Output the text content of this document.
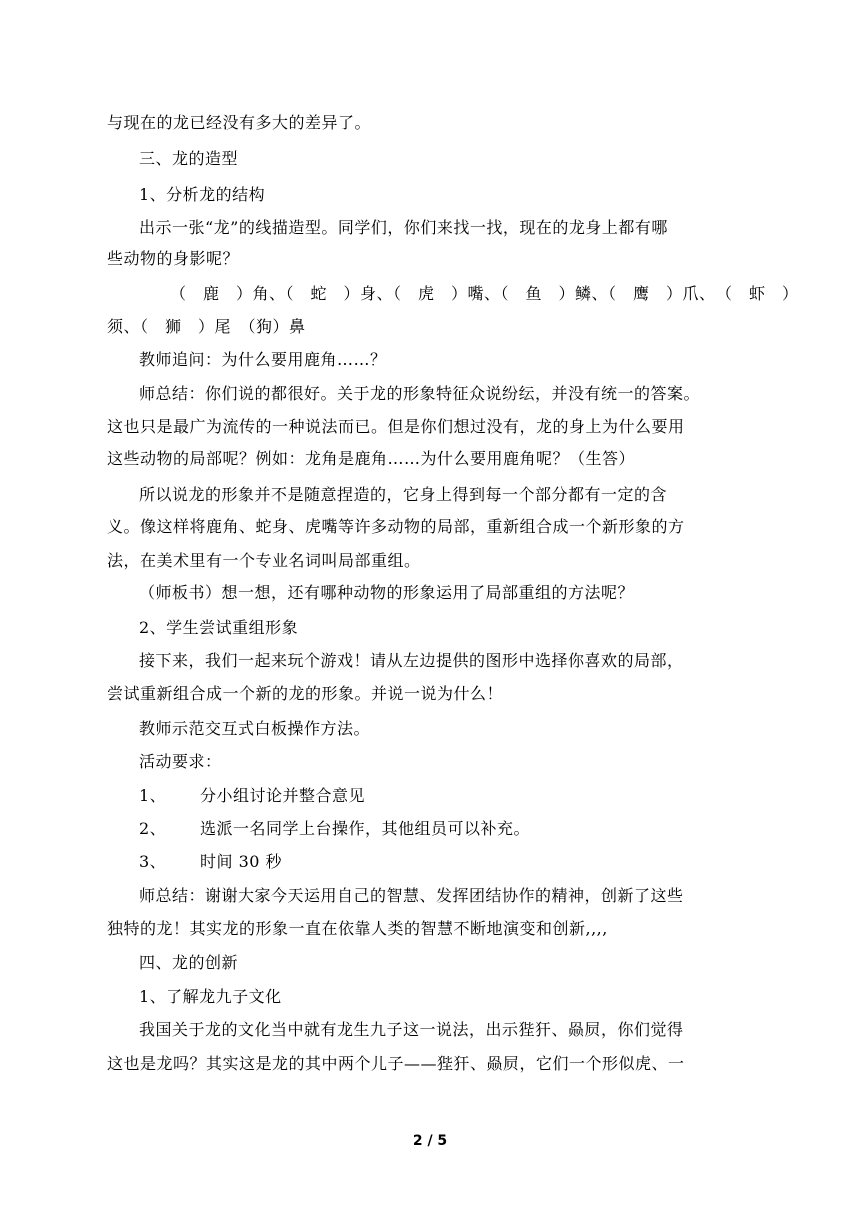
与现在的龙已经没有多大的差异了。
三、龙的造型
1、分析龙的结构
出示一张“龙”的线描造型。同学们，你们来找一找，现在的龙身上都有哪
些动物的身影呢？
（　鹿　）角、（　蛇　）身、（　虎　）嘴、（　鱼　）鳞、（　鹰　）爪、　（　虾　）
须、（　狮　）尾　（狗）鼻
教师追问：为什么要用鹿角……？
师总结：你们说的都很好。关于龙的形象特征众说纷纭，并没有统一的答案。
这也只是最广为流传的一种说法而已。但是你们想过没有，龙的身上为什么要用
这些动物的局部呢？例如：龙角是鹿角……为什么要用鹿角呢？（生答）
所以说龙的形象并不是随意捏造的，它身上得到每一个部分都有一定的含
义。像这样将鹿角、蛇身、虎嘴等许多动物的局部，重新组合成一个新形象的方
法，在美术里有一个专业名词叫局部重组。
（师板书）想一想，还有哪种动物的形象运用了局部重组的方法呢？
2、学生尝试重组形象
接下来，我们一起来玩个游戏！请从左边提供的图形中选择你喜欢的局部，
尝试重新组合成一个新的龙的形象。并说一说为什么！
教师示范交互式白板操作方法。
活动要求：
1、 分小组讨论并整合意见
2、 选派一名同学上台操作，其他组员可以补充。
3、 时间 30 秒
师总结：谢谢大家今天运用自己的智慧、发挥团结协作的精神，创新了这些
独特的龙！其实龙的形象一直在依靠人类的智慧不断地演变和创新,,,,
四、龙的创新
1、了解龙九子文化
我国关于龙的文化当中就有龙生九子这一说法，出示狴犴、赑屃，你们觉得
这也是龙吗？其实这是龙的其中两个儿子——狴犴、赑屃，它们一个形似虎、一
2 / 5
